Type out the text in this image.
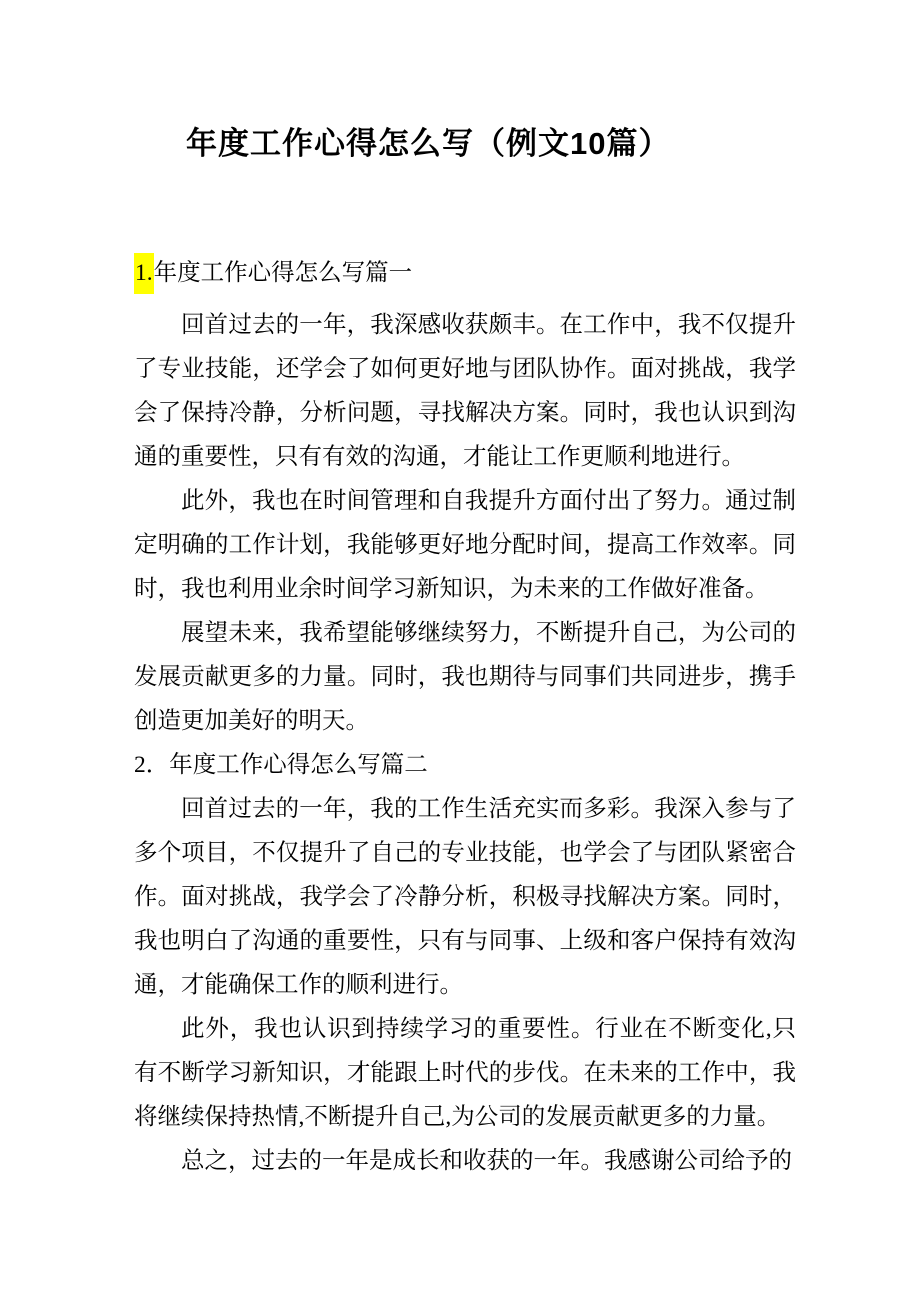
年度工作心得怎么写（例文10篇）
1.年度工作心得怎么写篇一

回首过去的一年，我深感收获颇丰。在工作中，我不仅提升了专业技能，还学会了如何更好地与团队协作。面对挑战，我学会了保持冷静，分析问题，寻找解决方案。同时，我也认识到沟通的重要性，只有有效的沟通，才能让工作更顺利地进行。

此外，我也在时间管理和自我提升方面付出了努力。通过制定明确的工作计划，我能够更好地分配时间，提高工作效率。同时，我也利用业余时间学习新知识，为未来的工作做好准备。

展望未来，我希望能够继续努力，不断提升自己，为公司的发展贡献更多的力量。同时，我也期待与同事们共同进步，携手创造更加美好的明天。

2．年度工作心得怎么写篇二

回首过去的一年，我的工作生活充实而多彩。我深入参与了多个项目，不仅提升了自己的专业技能，也学会了与团队紧密合作。面对挑战，我学会了冷静分析，积极寻找解决方案。同时，我也明白了沟通的重要性，只有与同事、上级和客户保持有效沟通，才能确保工作的顺利进行。

此外，我也认识到持续学习的重要性。行业在不断变化,只有不断学习新知识，才能跟上时代的步伐。在未来的工作中，我将继续保持热情,不断提升自己,为公司的发展贡献更多的力量。

总之，过去的一年是成长和收获的一年。我感谢公司给予的
